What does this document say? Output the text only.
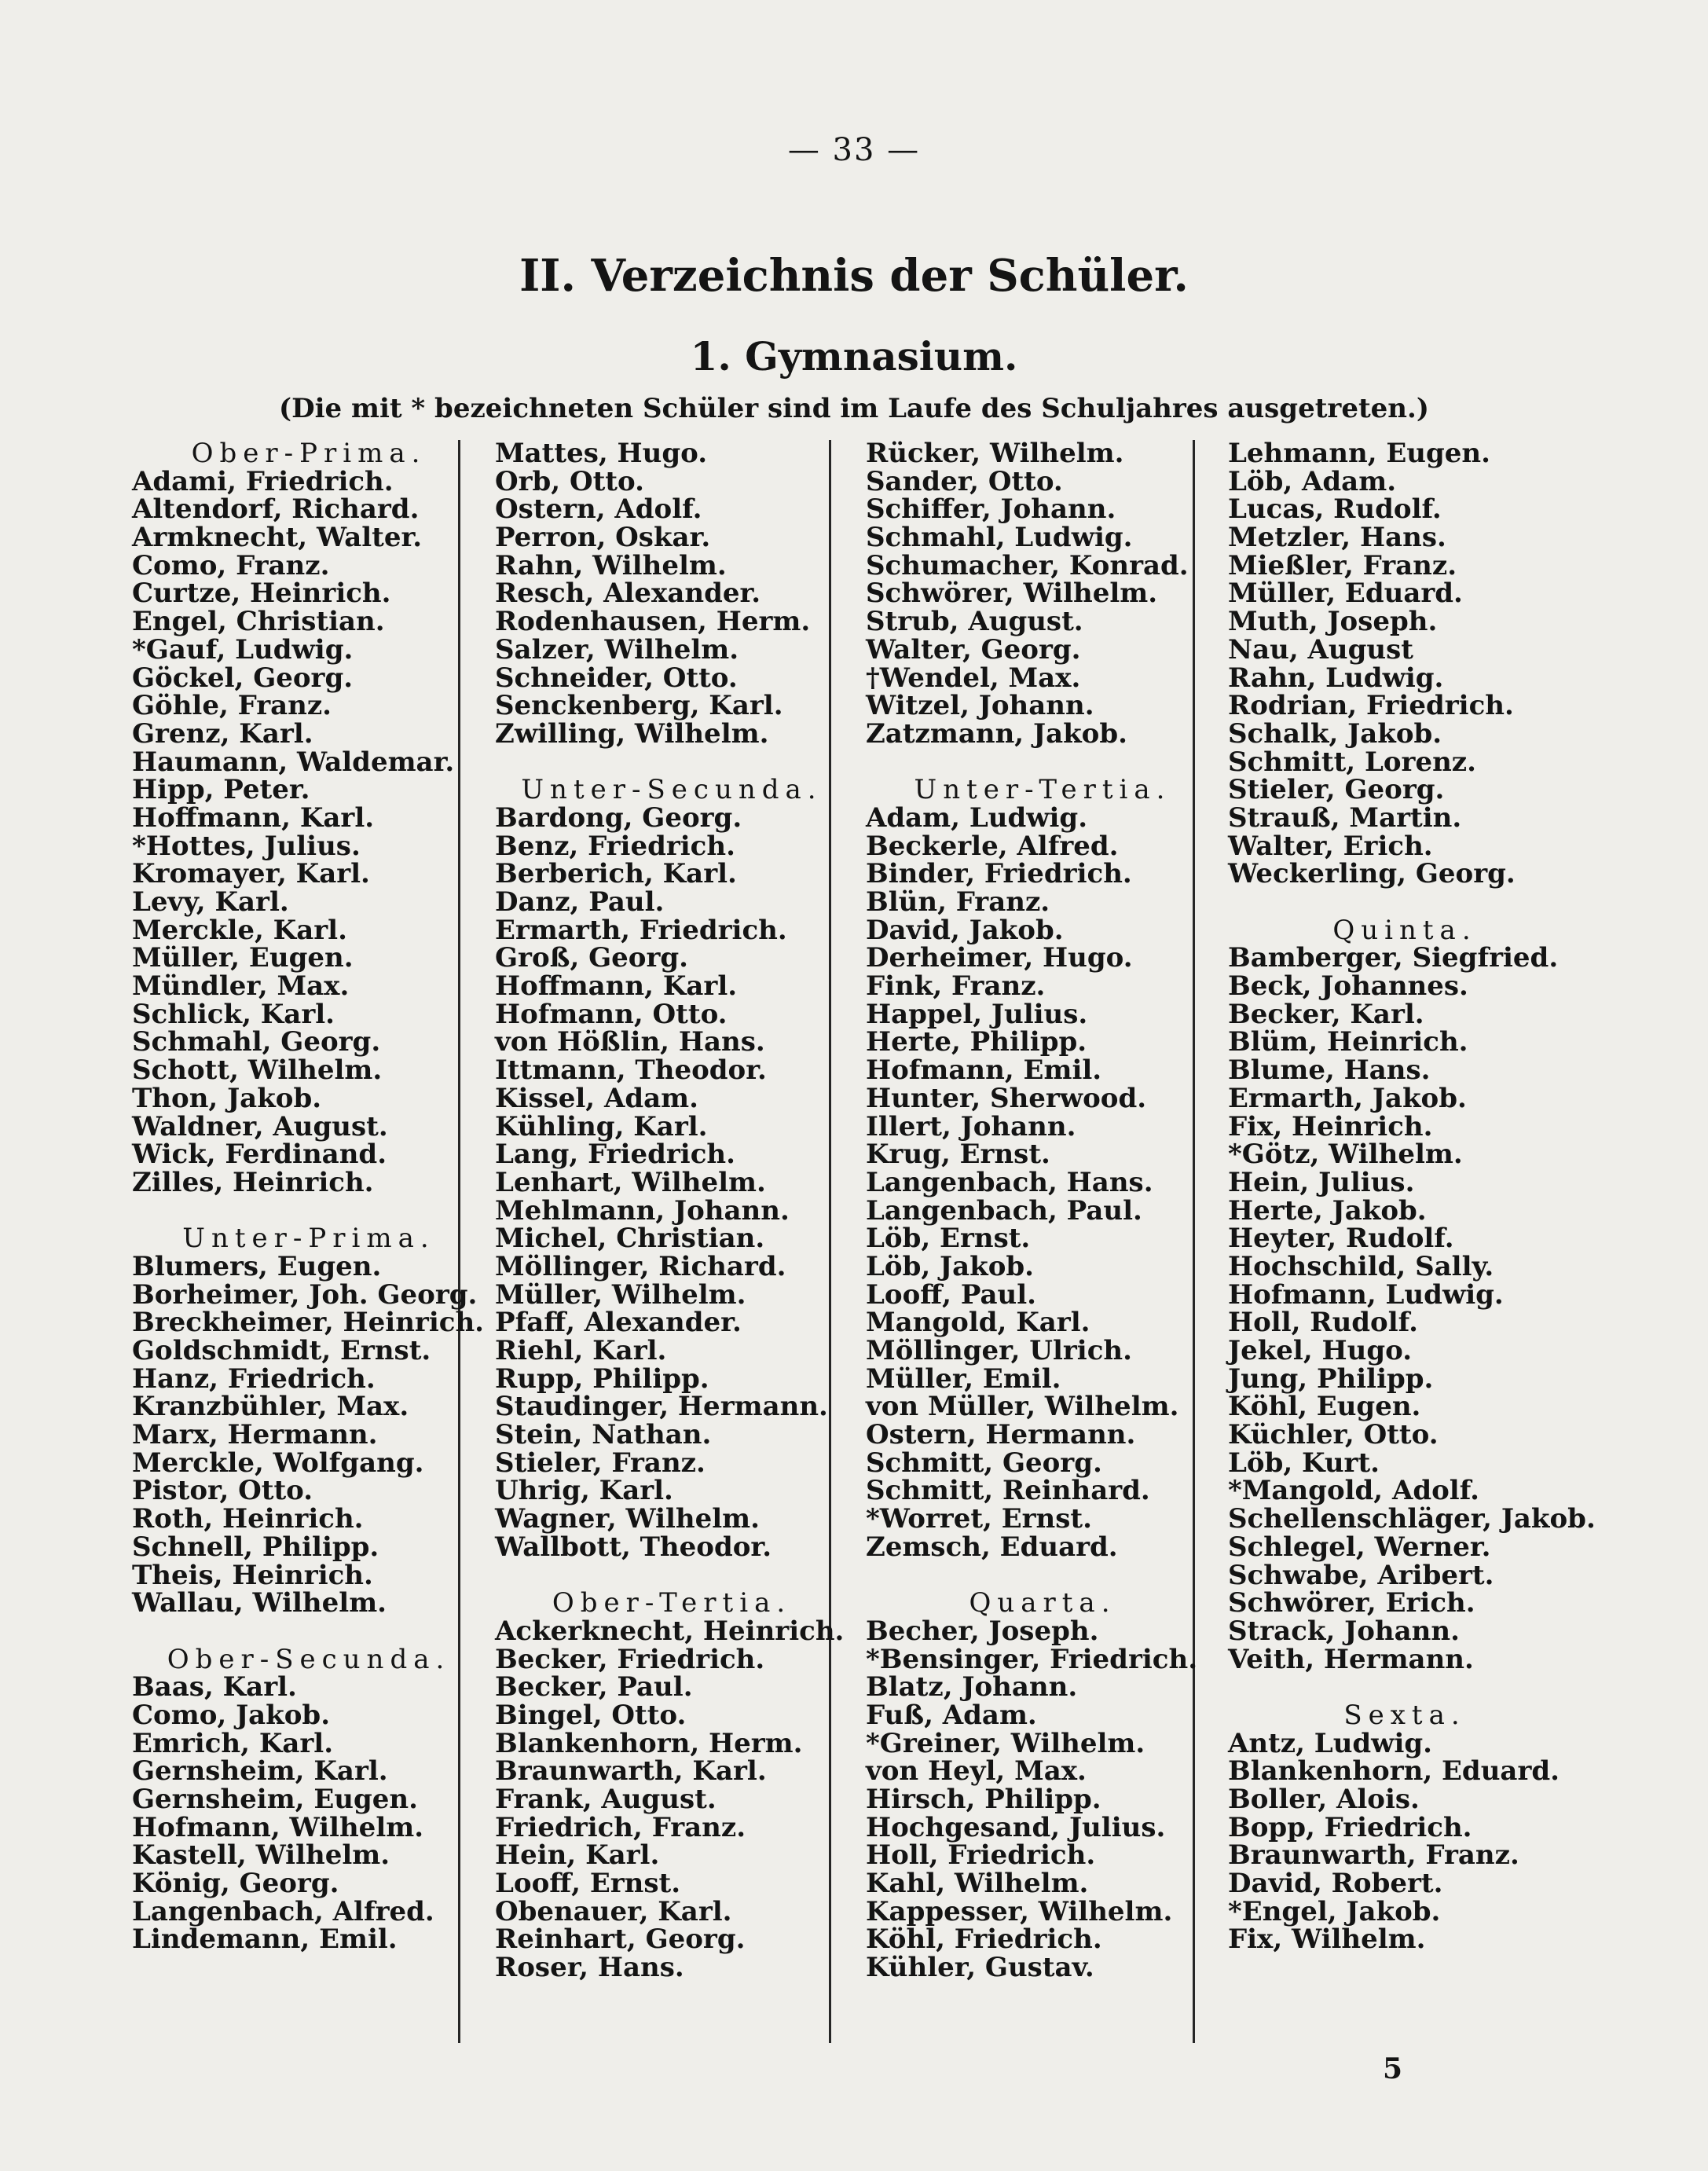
— 33 —
II. Verzeichnis der Schüler.
1. Gymnasium.
(Die mit * bezeichneten Schüler sind im Laufe des Schuljahres ausgetreten.)
Ober-Prima.
Adami, Friedrich.
Altendorf, Richard.
Armknecht, Walter.
Como, Franz.
Curtze, Heinrich.
Engel, Christian.
*Gauf, Ludwig.
Göckel, Georg.
Göhle, Franz.
Grenz, Karl.
Haumann, Waldemar.
Hipp, Peter.
Hoffmann, Karl.
*Hottes, Julius.
Kromayer, Karl.
Levy, Karl.
Merckle, Karl.
Müller, Eugen.
Mündler, Max.
Schlick, Karl.
Schmahl, Georg.
Schott, Wilhelm.
Thon, Jakob.
Waldner, August.
Wick, Ferdinand.
Zilles, Heinrich.
Unter-Prima.
Blumers, Eugen.
Borheimer, Joh. Georg.
Breckheimer, Heinrich.
Goldschmidt, Ernst.
Hanz, Friedrich.
Kranzbühler, Max.
Marx, Hermann.
Merckle, Wolfgang.
Pistor, Otto.
Roth, Heinrich.
Schnell, Philipp.
Theis, Heinrich.
Wallau, Wilhelm.
Ober-Secunda.
Baas, Karl.
Como, Jakob.
Emrich, Karl.
Gernsheim, Karl.
Gernsheim, Eugen.
Hofmann, Wilhelm.
Kastell, Wilhelm.
König, Georg.
Langenbach, Alfred.
Lindemann, Emil.
Mattes, Hugo.
Orb, Otto.
Ostern, Adolf.
Perron, Oskar.
Rahn, Wilhelm.
Resch, Alexander.
Rodenhausen, Herm.
Salzer, Wilhelm.
Schneider, Otto.
Senckenberg, Karl.
Zwilling, Wilhelm.
Unter-Secunda.
Bardong, Georg.
Benz, Friedrich.
Berberich, Karl.
Danz, Paul.
Ermarth, Friedrich.
Groß, Georg.
Hoffmann, Karl.
Hofmann, Otto.
von Hößlin, Hans.
Ittmann, Theodor.
Kissel, Adam.
Kühling, Karl.
Lang, Friedrich.
Lenhart, Wilhelm.
Mehlmann, Johann.
Michel, Christian.
Möllinger, Richard.
Müller, Wilhelm.
Pfaff, Alexander.
Riehl, Karl.
Rupp, Philipp.
Staudinger, Hermann.
Stein, Nathan.
Stieler, Franz.
Uhrig, Karl.
Wagner, Wilhelm.
Wallbott, Theodor.
Ober-Tertia.
Ackerknecht, Heinrich.
Becker, Friedrich.
Becker, Paul.
Bingel, Otto.
Blankenhorn, Herm.
Braunwarth, Karl.
Frank, August.
Friedrich, Franz.
Hein, Karl.
Looff, Ernst.
Obenauer, Karl.
Reinhart, Georg.
Roser, Hans.
Rücker, Wilhelm.
Sander, Otto.
Schiffer, Johann.
Schmahl, Ludwig.
Schumacher, Konrad.
Schwörer, Wilhelm.
Strub, August.
Walter, Georg.
†Wendel, Max.
Witzel, Johann.
Zatzmann, Jakob.
Unter-Tertia.
Adam, Ludwig.
Beckerle, Alfred.
Binder, Friedrich.
Blün, Franz.
David, Jakob.
Derheimer, Hugo.
Fink, Franz.
Happel, Julius.
Herte, Philipp.
Hofmann, Emil.
Hunter, Sherwood.
Illert, Johann.
Krug, Ernst.
Langenbach, Hans.
Langenbach, Paul.
Löb, Ernst.
Löb, Jakob.
Looff, Paul.
Mangold, Karl.
Möllinger, Ulrich.
Müller, Emil.
von Müller, Wilhelm.
Ostern, Hermann.
Schmitt, Georg.
Schmitt, Reinhard.
*Worret, Ernst.
Zemsch, Eduard.
Quarta.
Becher, Joseph.
*Bensinger, Friedrich.
Blatz, Johann.
Fuß, Adam.
*Greiner, Wilhelm.
von Heyl, Max.
Hirsch, Philipp.
Hochgesand, Julius.
Holl, Friedrich.
Kahl, Wilhelm.
Kappesser, Wilhelm.
Köhl, Friedrich.
Kühler, Gustav.
Lehmann, Eugen.
Löb, Adam.
Lucas, Rudolf.
Metzler, Hans.
Mießler, Franz.
Müller, Eduard.
Muth, Joseph.
Nau, August
Rahn, Ludwig.
Rodrian, Friedrich.
Schalk, Jakob.
Schmitt, Lorenz.
Stieler, Georg.
Strauß, Martin.
Walter, Erich.
Weckerling, Georg.
Quinta.
Bamberger, Siegfried.
Beck, Johannes.
Becker, Karl.
Blüm, Heinrich.
Blume, Hans.
Ermarth, Jakob.
Fix, Heinrich.
*Götz, Wilhelm.
Hein, Julius.
Herte, Jakob.
Heyter, Rudolf.
Hochschild, Sally.
Hofmann, Ludwig.
Holl, Rudolf.
Jekel, Hugo.
Jung, Philipp.
Köhl, Eugen.
Küchler, Otto.
Löb, Kurt.
*Mangold, Adolf.
Schellenschläger, Jakob.
Schlegel, Werner.
Schwabe, Aribert.
Schwörer, Erich.
Strack, Johann.
Veith, Hermann.
Sexta.
Antz, Ludwig.
Blankenhorn, Eduard.
Boller, Alois.
Bopp, Friedrich.
Braunwarth, Franz.
David, Robert.
*Engel, Jakob.
Fix, Wilhelm.
5
